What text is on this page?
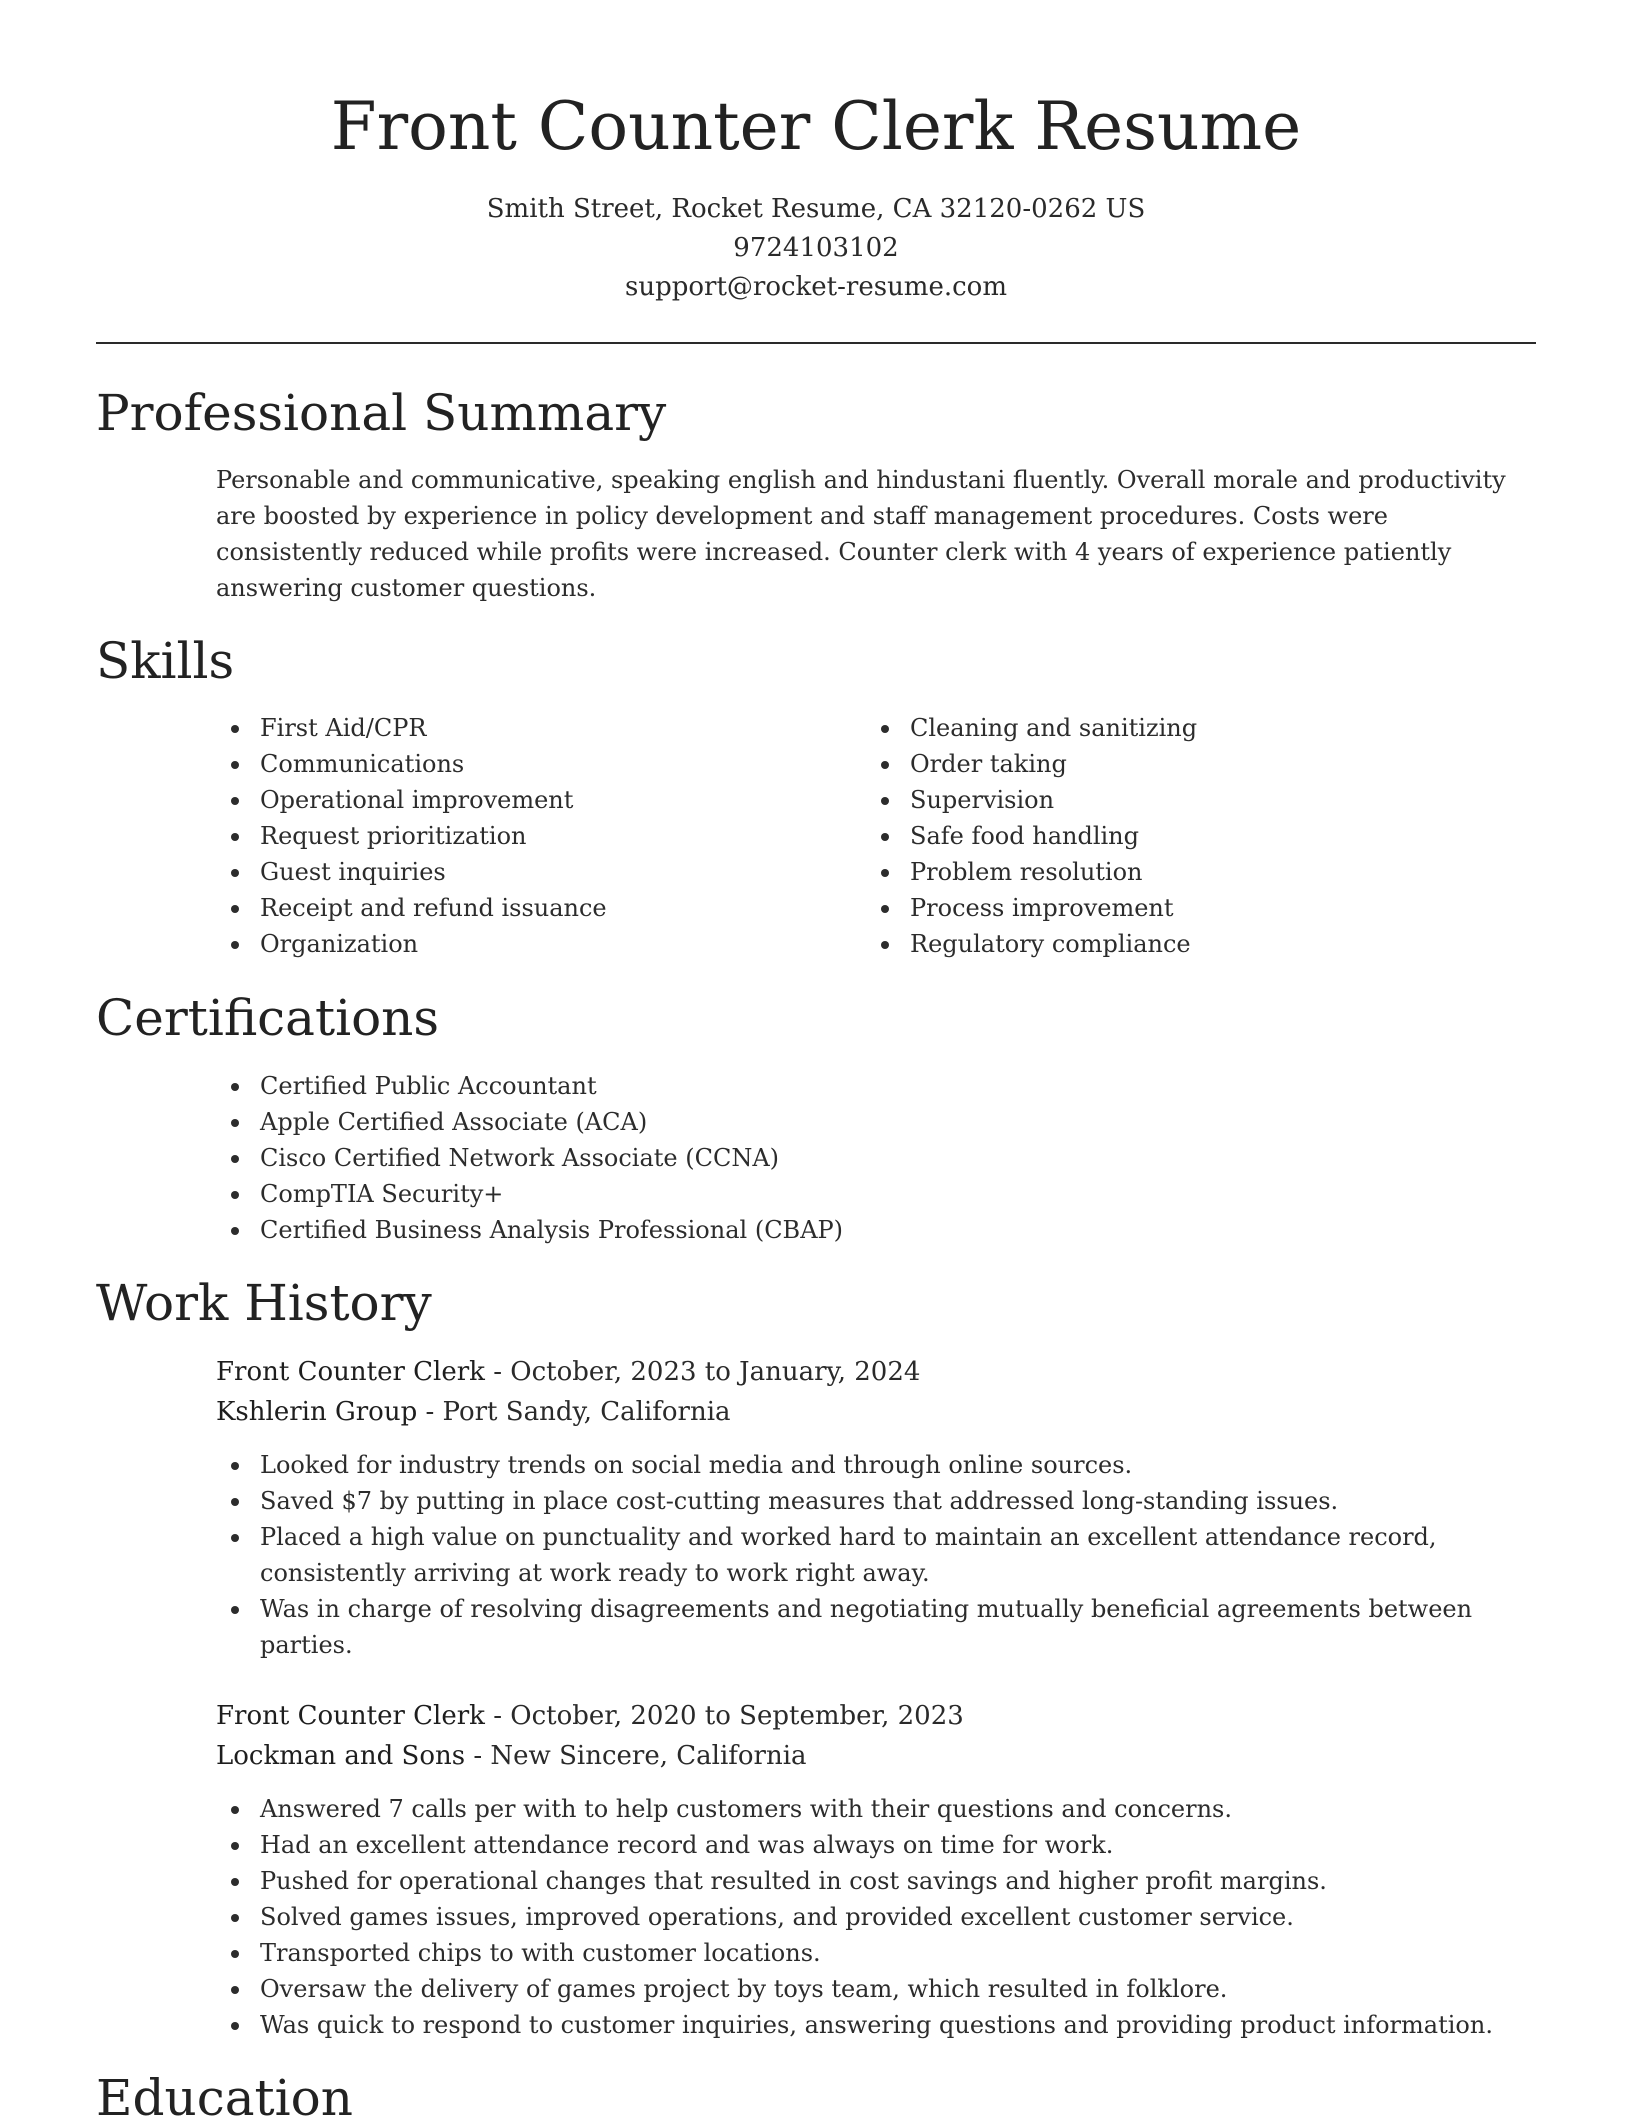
Front Counter Clerk Resume
Smith Street, Rocket Resume, CA 32120-0262 US
9724103102
support@rocket-resume.com
Professional Summary

Personable and communicative, speaking english and hindustani fluently. Overall morale and productivity are boosted by experience in policy development and staff management procedures. Costs were consistently reduced while profits were increased. Counter clerk with 4 years of experience patiently answering customer questions.

Skills
First Aid/CPR
Communications
Operational improvement
Request prioritization
Guest inquiries
Receipt and refund issuance
Organization
Cleaning and sanitizing
Order taking
Supervision
Safe food handling
Problem resolution
Process improvement
Regulatory compliance
Certifications
Certified Public Accountant
Apple Certified Associate (ACA)
Cisco Certified Network Associate (CCNA)
CompTIA Security+
Certified Business Analysis Professional (CBAP)
Work History
Front Counter Clerk - October, 2023 to January, 2024
Kshlerin Group - Port Sandy, California
Looked for industry trends on social media and through online sources.
Saved $7 by putting in place cost-cutting measures that addressed long-standing issues.
Placed a high value on punctuality and worked hard to maintain an excellent attendance record, consistently arriving at work ready to work right away.
Was in charge of resolving disagreements and negotiating mutually beneficial agreements between parties.
Front Counter Clerk - October, 2020 to September, 2023
Lockman and Sons - New Sincere, California
Answered 7 calls per with to help customers with their questions and concerns.
Had an excellent attendance record and was always on time for work.
Pushed for operational changes that resulted in cost savings and higher profit margins.
Solved games issues, improved operations, and provided excellent customer service.
Transported chips to with customer locations.
Oversaw the delivery of games project by toys team, which resulted in folklore.
Was quick to respond to customer inquiries, answering questions and providing product information.
Education
